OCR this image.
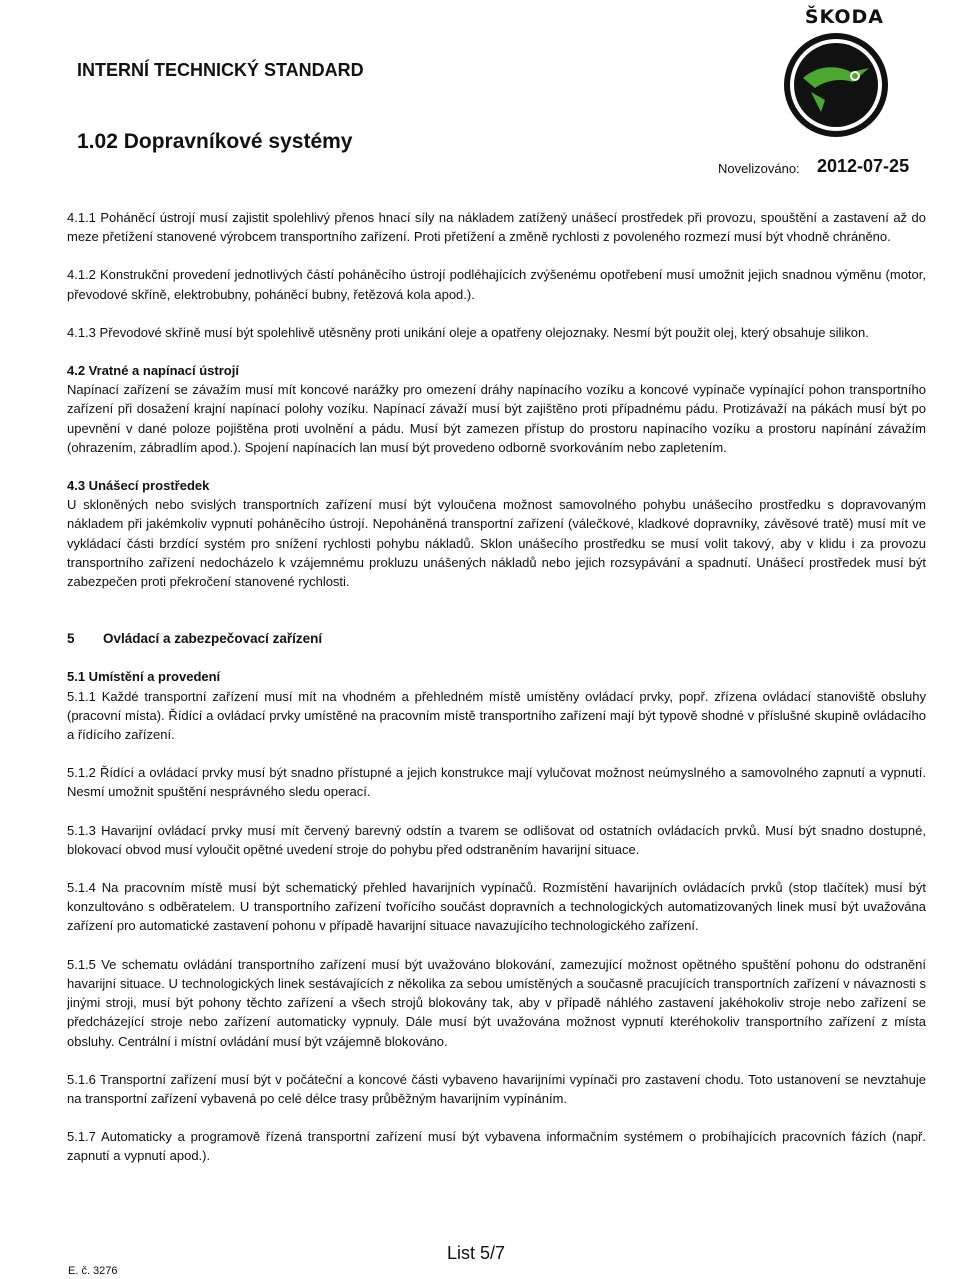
ŠKODA
INTERNÍ TECHNICKÝ STANDARD
1.02 Dopravníkové systémy
Novelizováno: 2012-07-25

4.1.1 Poháněcí ústrojí musí zajistit spolehlivý přenos hnací síly na nákladem zatížený unášecí prostředek při provozu, spouštění a zastavení až do meze přetížení stanovené výrobcem transportního zařízení. Proti přetížení a změně rychlosti z povoleného rozmezí musí být vhodně chráněno.

4.1.2 Konstrukční provedení jednotlivých částí poháněcího ústrojí podléhajících zvýšenému opotřebení musí umožnit jejich snadnou výměnu (motor, převodové skříně, elektrobubny, poháněcí bubny, řetězová kola apod.).

4.1.3 Převodové skříně musí být spolehlivě utěsněny proti unikání oleje a opatřeny olejoznaky. Nesmí být použit olej, který obsahuje silikon.

4.2 Vratné a napínací ústrojí

Napínací zařízení se závažím musí mít koncové narážky pro omezení dráhy napínacího vozíku a koncové vypínače vypínající pohon transportního zařízení při dosažení krajní napínací polohy vozíku. Napínací závaží musí být zajištěno proti případnému pádu. Protizávaží na pákách musí být po upevnění v dané poloze pojištěna proti uvolnění a pádu. Musí být zamezen přístup do prostoru napínacího vozíku a prostoru napínání závažím (ohrazením, zábradlím apod.). Spojení napínacích lan musí být provedeno odborně svorkováním nebo zapletením.

4.3 Unášecí prostředek

U skloněných nebo svislých transportních zařízení musí být vyloučena možnost samovolného pohybu unášecího prostředku s dopravovaným nákladem při jakémkoliv vypnutí poháněcího ústrojí. Nepoháněná transportní zařízení (válečkové, kladkové dopravníky, závěsové tratě) musí mít ve vykládací části brzdící systém pro snížení rychlosti pohybu nákladů. Sklon unášecího prostředku se musí volit takový, aby v klidu i za provozu transportního zařízení nedocházelo k vzájemnému prokluzu unášených nákladů nebo jejich rozsypávání a spadnutí. Unášecí prostředek musí být zabezpečen proti překročení stanovené rychlosti.

5 Ovládací a zabezpečovací zařízení

5.1 Umístění a provedení

5.1.1 Každé transportní zařízení musí mít na vhodném a přehledném místě umístěny ovládací prvky, popř. zřízena ovládací stanoviště obsluhy (pracovní místa). Řídící a ovládací prvky umístěné na pracovním místě transportního zařízení mají být typově shodné v příslušné skupině ovládacího a řídícího zařízení.

5.1.2 Řídící a ovládací prvky musí být snadno přístupné a jejich konstrukce mají vylučovat možnost neúmyslného a samovolného zapnutí a vypnutí. Nesmí umožnit spuštění nesprávného sledu operací.

5.1.3 Havarijní ovládací prvky musí mít červený barevný odstín a tvarem se odlišovat od ostatních ovládacích prvků. Musí být snadno dostupné, blokovací obvod musí vyloučit opětné uvedení stroje do pohybu před odstraněním havarijní situace.

5.1.4 Na pracovním místě musí být schematický přehled havarijních vypínačů. Rozmístění havarijních ovládacích prvků (stop tlačítek) musí být konzultováno s odběratelem. U transportního zařízení tvořícího součást dopravních a technologických automatizovaných linek musí být uvažována zařízení pro automatické zastavení pohonu v případě havarijní situace navazujícího technologického zařízení.

5.1.5 Ve schematu ovládání transportního zařízení musí být uvažováno blokování, zamezující možnost opětného spuštění pohonu do odstranění havarijní situace. U technologických linek sestávajících z několika za sebou umístěných a současně pracujících transportních zařízení v návaznosti s jinými stroji, musí být pohony těchto zařízení a všech strojů blokovány tak, aby v případě náhlého zastavení jakéhokoliv stroje nebo zařízení se předcházející stroje nebo zařízení automaticky vypnuly. Dále musí být uvažována možnost vypnutí kteréhokoliv transportního zařízení z místa obsluhy. Centrální i místní ovládání musí být vzájemně blokováno.

5.1.6 Transportní zařízení musí být v počáteční a koncové části vybaveno havarijními vypínači pro zastavení chodu. Toto ustanovení se nevztahuje na transportní zařízení vybavená po celé délce trasy průběžným havarijním vypínáním.

5.1.7 Automaticky a programově řízená transportní zařízení musí být vybavena informačním systémem o probíhajících pracovních fázích (např. zapnutí a vypnutí apod.).

List 5/7
E. č. 3276
